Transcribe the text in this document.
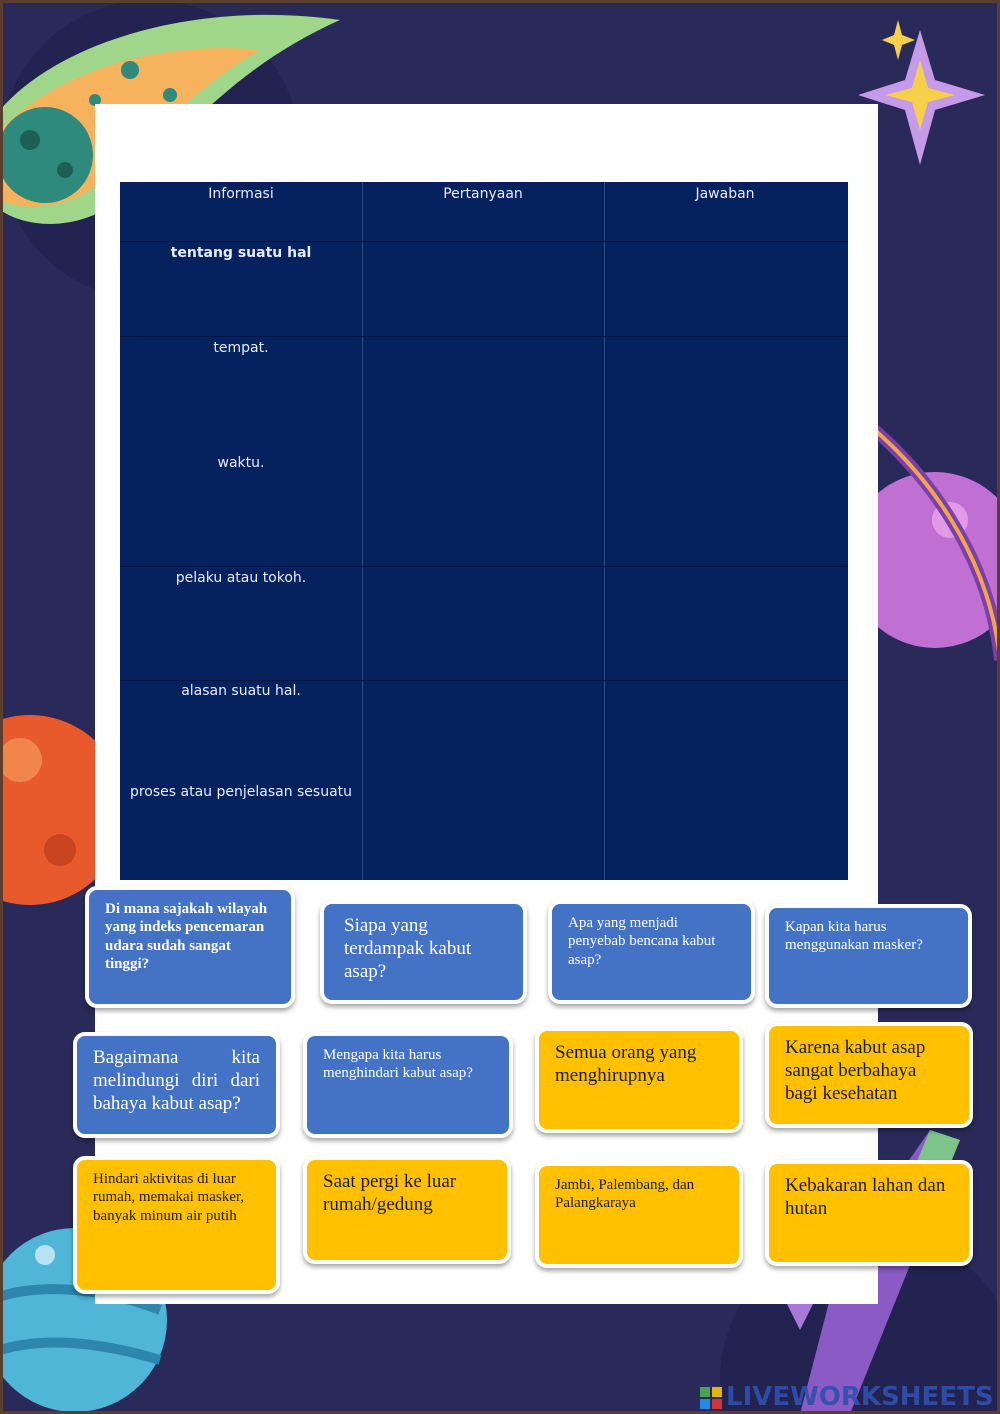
Informasi	Pertanyaan	Jawaban
tentang suatu hal
tempat.
waktu.
pelaku atau tokoh.
alasan suatu hal.
proses atau penjelasan sesuatu
Di mana sajakah wilayah yang indeks pencemaran udara sudah sangat tinggi?
Siapa yang terdampak kabut asap?
Apa yang menjadi penyebab bencana kabut asap?
Kapan kita harus menggunakan masker?
Bagaimana kita melindungi diri dari bahaya kabut asap?
Mengapa kita harus menghindari kabut asap?
Semua orang yang menghirupnya
Karena kabut asap sangat berbahaya bagi kesehatan
Hindari aktivitas di luar rumah, memakai masker, banyak minum air putih
Saat pergi ke luar rumah/gedung
Jambi, Palembang, dan Palangkaraya
Kebakaran lahan dan hutan
LIVEWORKSHEETS
